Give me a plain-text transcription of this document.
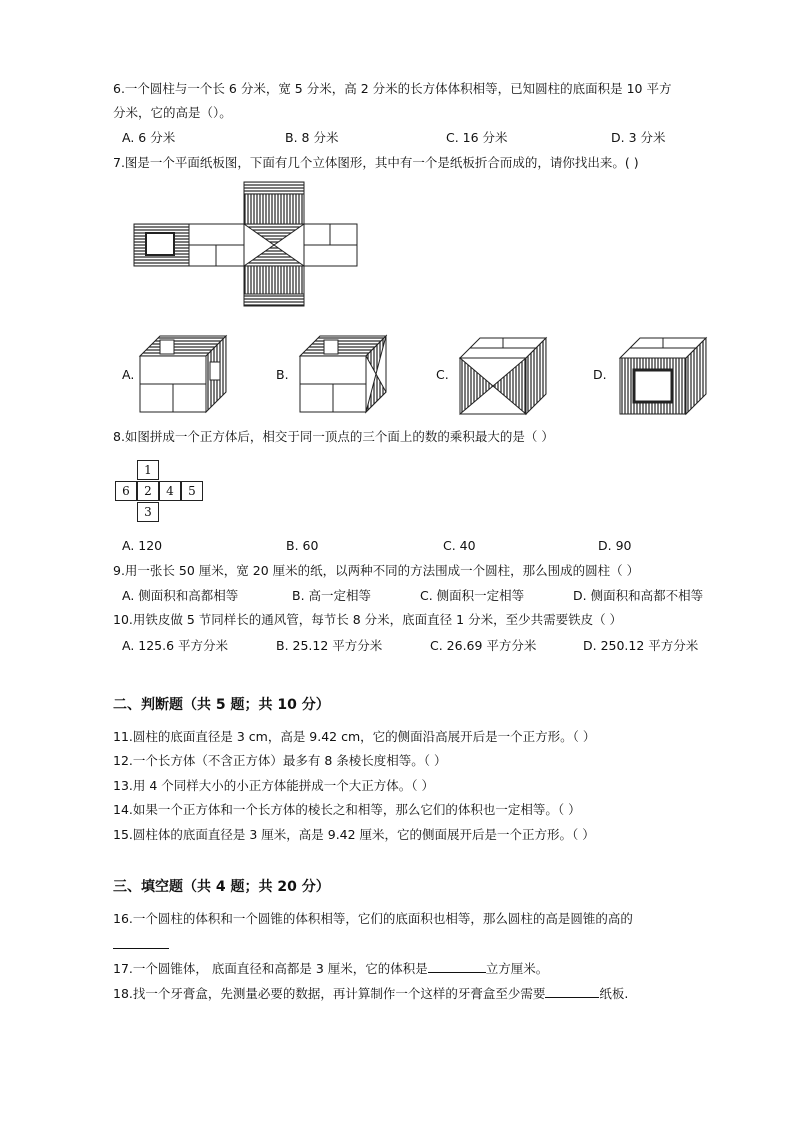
6.一个圆柱与一个长 6 分米，宽 5 分米，高 2 分米的长方体体积相等，已知圆柱的底面积是 10 平方
分米，它的高是（）。
A. 6 分米	B. 8 分米	C. 16 分米	D. 3 分米
7.图是一个平面纸板图，下面有几个立体图形，其中有一个是纸板折合而成的，请你找出来。( )
A.	B.	C.	D.
8.如图拼成一个正方体后，相交于同一顶点的三个面上的数的乘积最大的是（ ）
1
6	2	4	5
3
A. 120	B. 60	C. 40	D. 90
9.用一张长 50 厘米，宽 20 厘米的纸，以两种不同的方法围成一个圆柱，那么围成的圆柱（ ）
A. 侧面积和高都相等	B. 高一定相等	C. 侧面积一定相等	D. 侧面积和高都不相等
10.用铁皮做 5 节同样长的通风管，每节长 8 分米，底面直径 1 分米，至少共需要铁皮（ ）
A. 125.6 平方分米	B. 25.12 平方分米	C. 26.69 平方分米	D. 250.12 平方分米
二、判断题（共 5 题；共 10 分）
11.圆柱的底面直径是 3 cm，高是 9.42 cm，它的侧面沿高展开后是一个正方形。（ ）
12.一个长方体（不含正方体）最多有 8 条棱长度相等。（ ）
13.用 4 个同样大小的小正方体能拼成一个大正方体。（ ）
14.如果一个正方体和一个长方体的棱长之和相等，那么它们的体积也一定相等。（ ）
15.圆柱体的底面直径是 3 厘米，高是 9.42 厘米，它的侧面展开后是一个正方形。（ ）
三、填空题（共 4 题；共 20 分）
16.一个圆柱的体积和一个圆锥的体积相等，它们的底面积也相等，那么圆柱的高是圆锥的高的
17.一个圆锥体， 底面直径和高都是 3 厘米，它的体积是	立方厘米。
18.找一个牙膏盒，先测量必要的数据，再计算制作一个这样的牙膏盒至少需要	纸板.
